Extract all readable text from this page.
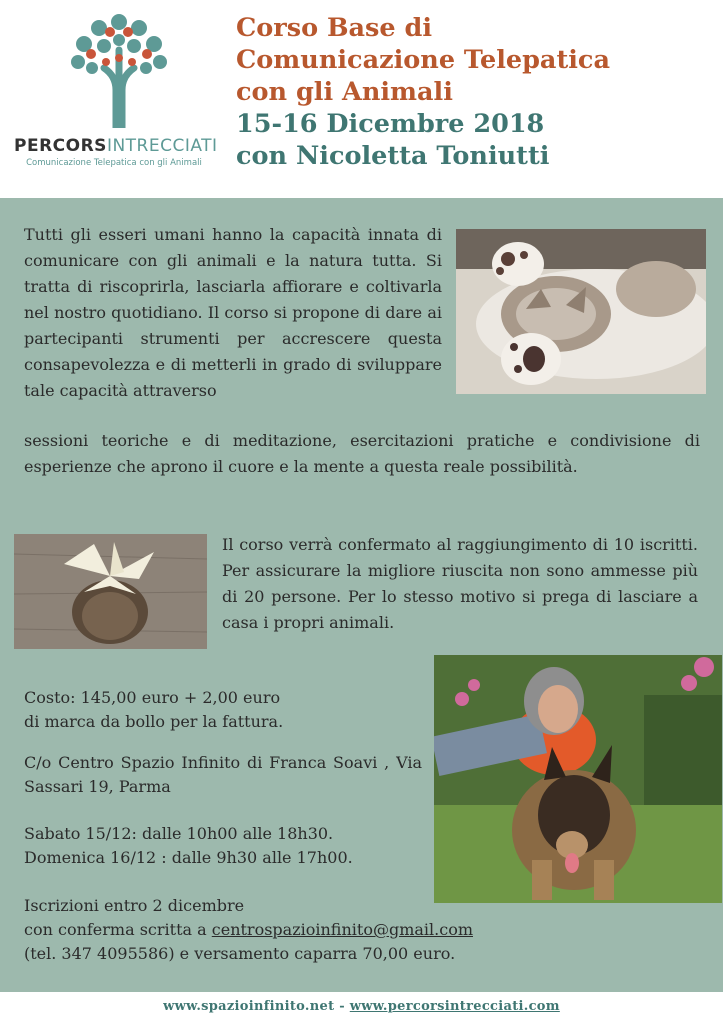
PERCORSINTRECCIATI
Comunicazione Telepatica con gli Animali
Corso Base di
Comunicazione Telepatica
con gli Animali
15-16 Dicembre 2018
con Nicoletta Toniutti

Tutti gli esseri umani hanno la capacità innata di comunicare con gli animali e la natura tutta. Si tratta di riscoprirla, lasciarla affiorare e coltivarla nel nostro quotidiano. Il corso si propone di dare ai partecipanti strumenti per accrescere questa consapevolezza e di metterli in grado di sviluppare tale capacità attraverso

sessioni teoriche e di meditazione, esercitazioni pratiche e condivisione di esperienze che aprono il cuore e la mente a questa reale possibilità.

Il corso verrà confermato al raggiungimento di 10 iscritti. Per assicurare la migliore riuscita non sono ammesse più di 20 persone. Per lo stesso motivo si prega di lasciare a casa i propri animali.

Costo: 145,00 euro + 2,00 euro

di marca da bollo per la fattura.

C/o Centro Spazio Infinito di Franca Soavi , Via Sassari 19, Parma

Sabato 15/12: dalle 10h00 alle 18h30.

Domenica 16/12 : dalle 9h30 alle 17h00.

Iscrizioni entro 2 dicembre

con conferma scritta a centrospazioinfinito@gmail.com

(tel. 347 4095586) e versamento caparra 70,00 euro.

www.spazioinfinito.net - www.percorsintrecciati.com
